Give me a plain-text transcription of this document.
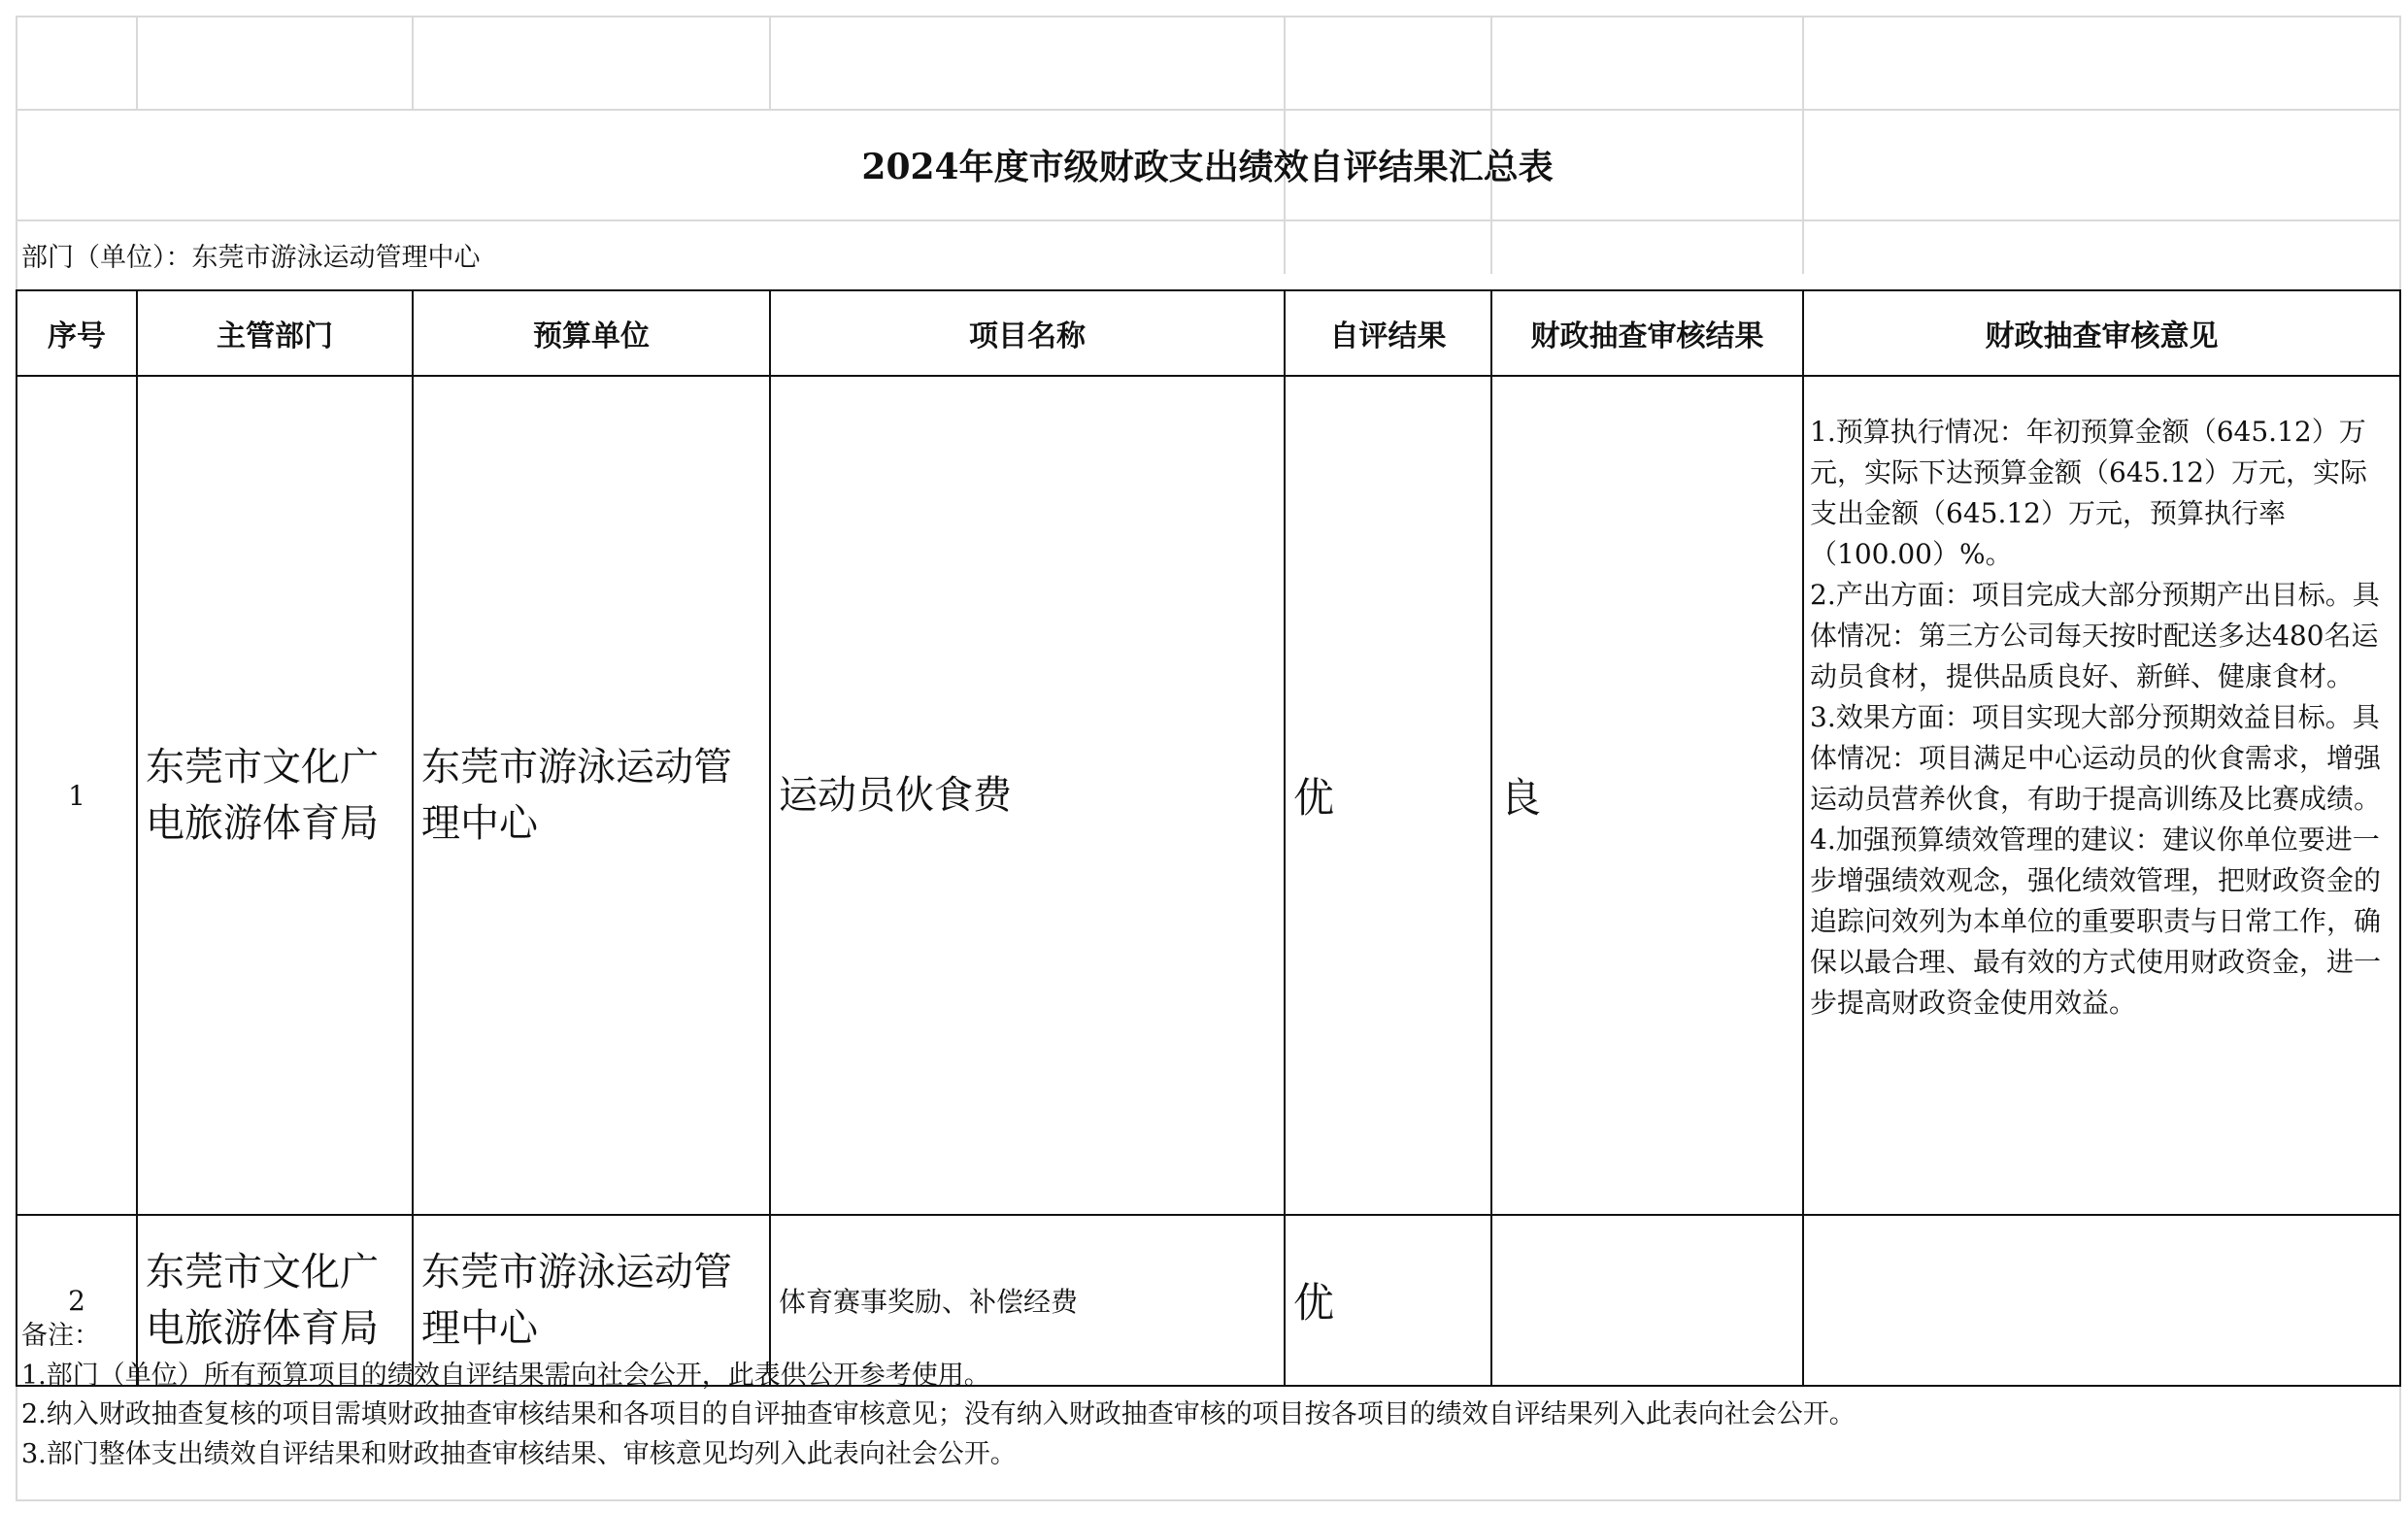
2024年度市级财政支出绩效自评结果汇总表
部门（单位）：东莞市游泳运动管理中心
序号	主管部门	预算单位	项目名称	自评结果	财政抽查审核结果	财政抽查审核意见
1	东莞市文化广电旅游体育局	东莞市游泳运动管理中心	运动员伙食费	优	良	1.预算执行情况：年初预算金额（645.12）万元，实际下达预算金额（645.12）万元，实际支出金额（645.12）万元，预算执行率（100.00）%。

2.产出方面：项目完成大部分预期产出目标。具体情况：第三方公司每天按时配送多达480名运动员食材，提供品质良好、新鲜、健康食材。

3.效果方面：项目实现大部分预期效益目标。具体情况：项目满足中心运动员的伙食需求，增强运动员营养伙食，有助于提高训练及比赛成绩。

4.加强预算绩效管理的建议：建议你单位要进一步增强绩效观念，强化绩效管理，把财政资金的追踪问效列为本单位的重要职责与日常工作，确保以最合理、最有效的方式使用财政资金，进一步提高财政资金使用效益。

2	东莞市文化广电旅游体育局	东莞市游泳运动管理中心	体育赛事奖励、补偿经费	优		
备注：
1.部门（单位）所有预算项目的绩效自评结果需向社会公开，此表供公开参考使用。
2.纳入财政抽查复核的项目需填财政抽查审核结果和各项目的自评抽查审核意见；没有纳入财政抽查审核的项目按各项目的绩效自评结果列入此表向社会公开。
3.部门整体支出绩效自评结果和财政抽查审核结果、审核意见均列入此表向社会公开。
